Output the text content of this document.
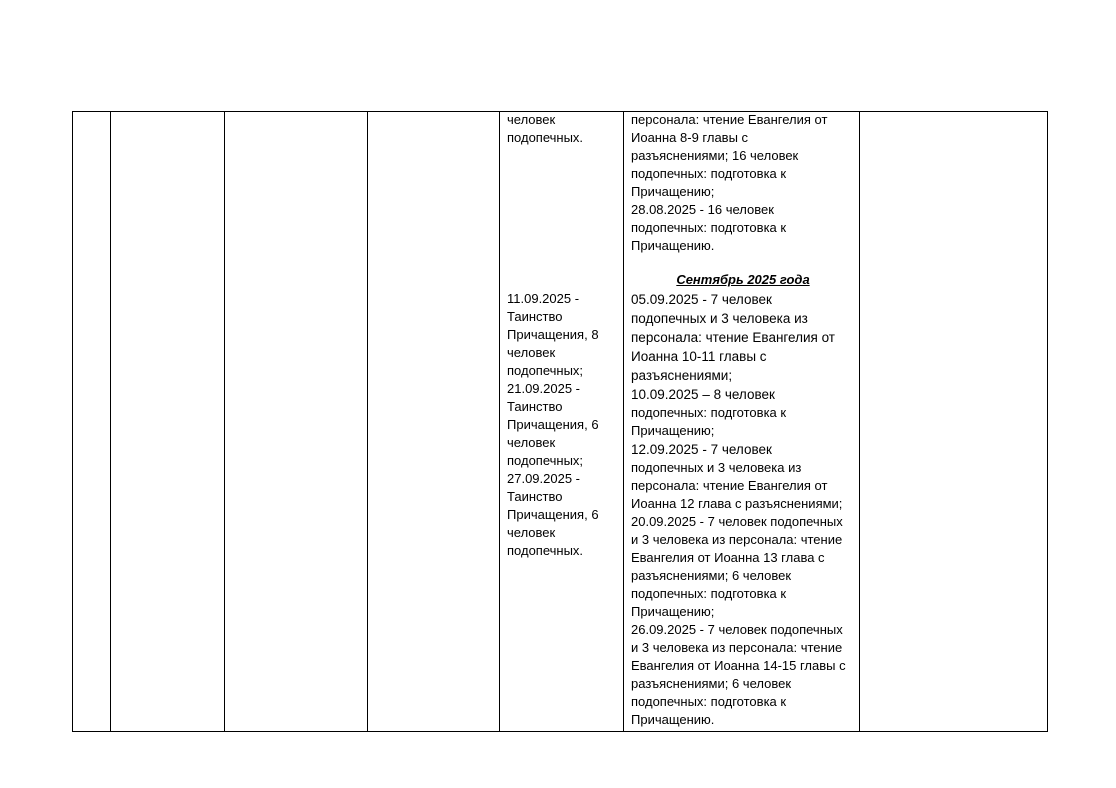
человек
подопечных.
11.09.2025 -
Таинство
Причащения, 8
человек
подопечных;
21.09.2025 -
Таинство
Причащения, 6
человек
подопечных;
27.09.2025 -
Таинство
Причащения, 6
человек
подопечных.

персонала: чтение Евангелия от
Иоанна 8-9 главы с
разъяснениями; 16 человек
подопечных: подготовка к
Причащению;
28.08.2025 - 16 человек
подопечных: подготовка к
Причащению.
Сентябрь 2025 года
05.09.2025 - 7 человек
подопечных и 3 человека из
персонала: чтение Евангелия от
Иоанна 10-11 главы с
разъяснениями;
10.09.2025 – 8 человек
подопечных: подготовка к
Причащению;
12.09.2025 - 7 человек
подопечных и 3 человека из
персонала: чтение Евангелия от
Иоанна 12 глава с разъяснениями;
20.09.2025 - 7 человек подопечных
и 3 человека из персонала: чтение
Евангелия от Иоанна 13 глава с
разъяснениями; 6 человек
подопечных: подготовка к
Причащению;
26.09.2025 - 7 человек подопечных
и 3 человека из персонала: чтение
Евангелия от Иоанна 14-15 главы с
разъяснениями; 6 человек
подопечных: подготовка к
Причащению.
